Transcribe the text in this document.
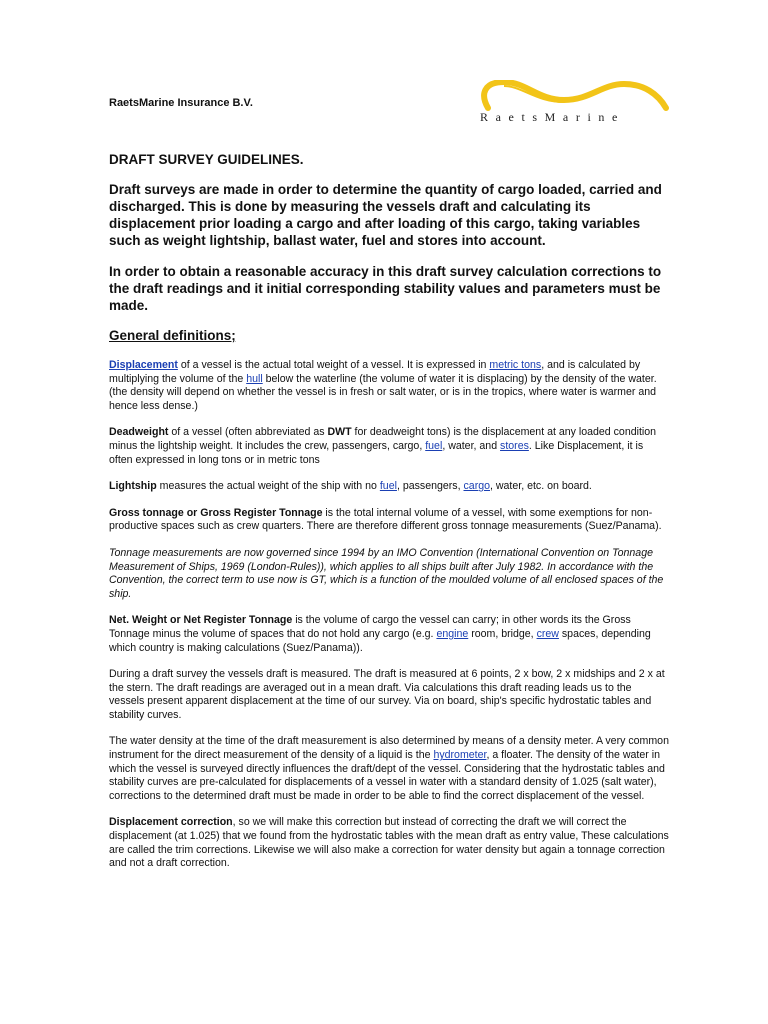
RaetsMarine Insurance B.V.
RaetsMarine
DRAFT SURVEY GUIDELINES.

Draft surveys are made in order to determine the quantity of cargo loaded, carried and discharged. This is done by measuring the vessels draft and calculating its displacement prior loading a cargo and after loading of this cargo, taking variables such as weight lightship, ballast water, fuel and stores into account.

In order to obtain a reasonable accuracy in this draft survey calculation corrections to the draft readings and it initial corresponding stability values and parameters must be made.

General definitions;

Displacement of a vessel is the actual total weight of a vessel. It is expressed in metric tons, and is calculated by multiplying the volume of the hull below the waterline (the volume of water it is displacing) by the density of the water. (the density will depend on whether the vessel is in fresh or salt water, or is in the tropics, where water is warmer and hence less dense.)

Deadweight of a vessel (often abbreviated as DWT for deadweight tons) is the displacement at any loaded condition minus the lightship weight. It includes the crew, passengers, cargo, fuel, water, and stores. Like Displacement, it is often expressed in long tons or in metric tons

Lightship measures the actual weight of the ship with no fuel, passengers, cargo, water, etc. on board.

Gross tonnage or Gross Register Tonnage is the total internal volume of a vessel, with some exemptions for non-productive spaces such as crew quarters. There are therefore different gross tonnage measurements (Suez/Panama).

Tonnage measurements are now governed since 1994 by an IMO Convention (International Convention on Tonnage Measurement of Ships, 1969 (London-Rules)), which applies to all ships built after July 1982. In accordance with the Convention, the correct term to use now is GT, which is a function of the moulded volume of all enclosed spaces of the ship.

Net. Weight or Net Register Tonnage is the volume of cargo the vessel can carry; in other words its the Gross Tonnage minus the volume of spaces that do not hold any cargo (e.g. engine room, bridge, crew spaces, depending which country is making calculations (Suez/Panama)).

During a draft survey the vessels draft is measured. The draft is measured at 6 points, 2 x bow, 2 x midships and 2 x at the stern. The draft readings are averaged out in a mean draft. Via calculations this draft reading leads us to the vessels present apparent displacement at the time of our survey. Via on board, ship's specific hydrostatic tables and stability curves.

The water density at the time of the draft measurement is also determined by means of a density meter. A very common instrument for the direct measurement of the density of a liquid is the hydrometer, a floater. The density of the water in which the vessel is surveyed directly influences the draft/dept of the vessel. Considering that the hydrostatic tables and stability curves are pre-calculated for displacements of a vessel in water with a standard density of 1.025 (salt water), corrections to the determined draft must be made in order to be able to find the correct displacement of the vessel.

Displacement correction, so we will make this correction but instead of correcting the draft we will correct the displacement (at 1.025) that we found from the hydrostatic tables with the mean draft as entry value, These calculations are called the trim corrections. Likewise we will also make a correction for water density but again a tonnage correction and not a draft correction.
